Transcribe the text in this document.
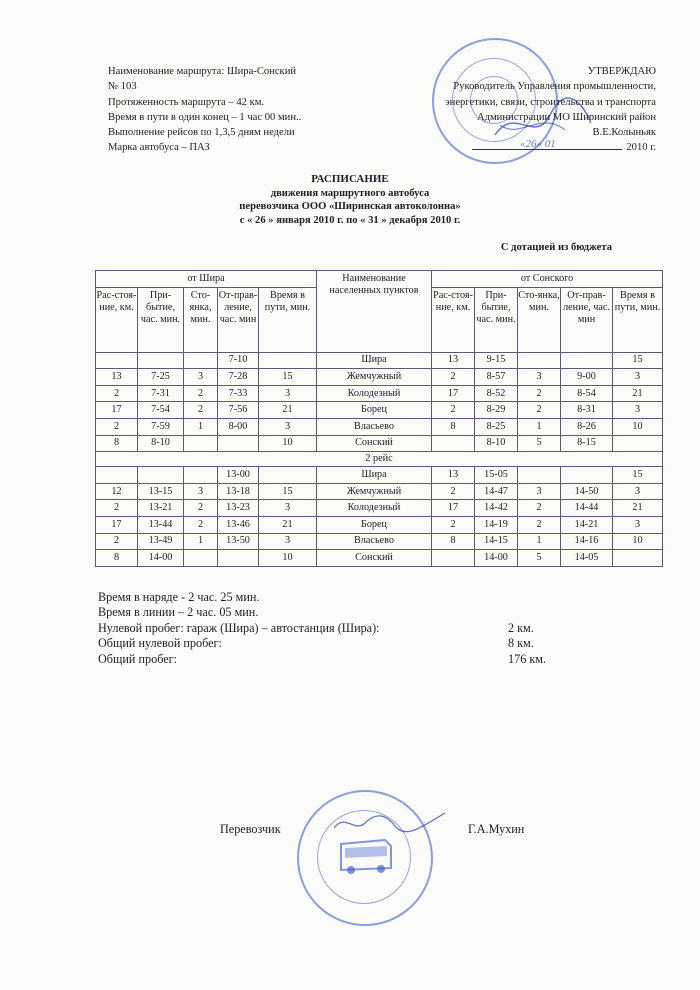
Наименование маршрута: Шира-Сонский
№ 103
Протяженность маршрута – 42 км.
Время в пути в один конец – 1 час 00 мин..
Выполнение рейсов по 1,3,5 дням недели
Марка автобуса – ПАЗ
УТВЕРЖДАЮ
Руководитель Управления промышленности,
энергетики, связи, строительства и транспорта
Администрации МО Ширинский район
В.Е.Колыньяк
2010 г.
«26» 01
РАСПИСАНИЕ
движения маршрутного автобуса
перевозчика ООО «Ширинская автоколонна»
с « 26 » января 2010 г. по « 31 » декабря 2010 г.
С дотацией из бюджета
от Шира					Наименование населенных пунктов	от Сонского				
Рас-стоя-ние, км.	При-бытие, час. мин.	Сто-янка, мин.	От-прав-ление, час. мин	Время в пути, мин.		Рас-стоя-ние, км.	При-бытие, час. мин.	Сто-янка, мин.	От-прав-ление, час. мин	Время в пути, мин.
			7-10		Шира	13	9-15			15
13	7-25	3	7-28	15	Жемчужный	2	8-57	3	9-00	3
2	7-31	2	7-33	3	Колодезный	17	8-52	2	8-54	21
17	7-54	2	7-56	21	Борец	2	8-29	2	8-31	3
2	7-59	1	8-00	3	Власьево	8	8-25	1	8-26	10
8	8-10			10	Сонский		8-10	5	8-15	
2 рейс										
			13-00		Шира	13	15-05			15
12	13-15	3	13-18	15	Жемчужный	2	14-47	3	14-50	3
2	13-21	2	13-23	3	Колодезный	17	14-42	2	14-44	21
17	13-44	2	13-46	21	Борец	2	14-19	2	14-21	3
2	13-49	1	13-50	3	Власьево	8	14-15	1	14-16	10
8	14-00			10	Сонский		14-00	5	14-05	
Время в наряде - 2 час. 25 мин.
Время в линии – 2 час. 05 мин.
Нулевой пробег: гараж (Шира) – автостанция (Шира):	2 км.
Общий нулевой пробег:	8 км.
Общий пробег:	176 км.
Перевозчик	Г.А.Мухин
